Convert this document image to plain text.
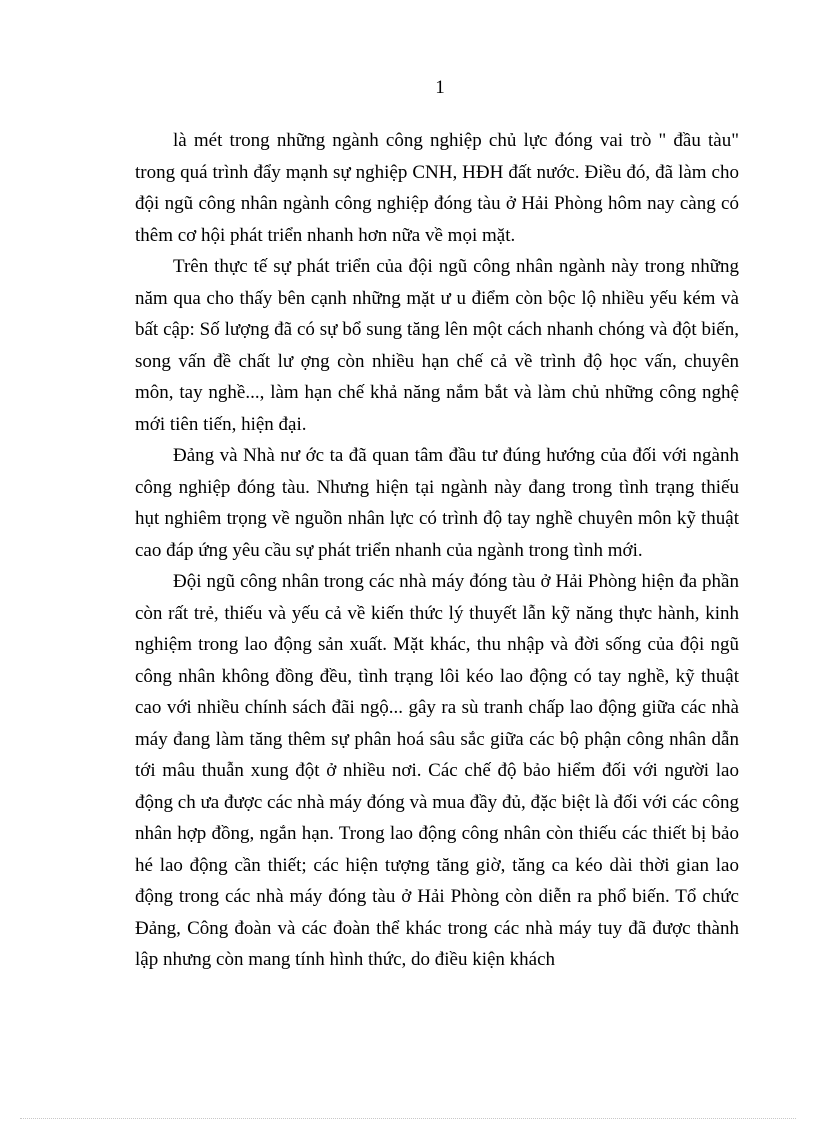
1

là mét trong những ngành công nghiệp chủ lực đóng vai trò " đầu tàu" trong quá trình đẩy mạnh sự nghiệp CNH, HĐH đất nước. Điều đó, đã làm cho đội ngũ công nhân ngành công nghiệp đóng tàu ở Hải Phòng hôm nay càng có thêm cơ hội phát triển nhanh hơn nữa về mọi mặt.

Trên thực tế sự phát triển của đội ngũ công nhân ngành này trong những năm qua cho thấy bên cạnh những mặt ư u điểm còn bộc lộ nhiều yếu kém và bất cập: Số lượng đã có sự bổ sung tăng lên một cách nhanh chóng và đột biến, song vấn đề chất lư ợng còn nhiều hạn chế cả về trình độ học vấn, chuyên môn, tay nghề..., làm hạn chế khả năng nắm bắt và làm chủ những công nghệ mới tiên tiến, hiện đại.

Đảng và Nhà nư ớc ta đã quan tâm đầu tư đúng hướng của đối với ngành công nghiệp đóng tàu. Nhưng hiện tại ngành này đang trong tình trạng thiếu hụt nghiêm trọng về nguồn nhân lực có trình độ tay nghề chuyên môn kỹ thuật cao đáp ứng yêu cầu sự phát triển nhanh của ngành trong tình mới.

Đội ngũ công nhân trong các nhà máy đóng tàu ở Hải Phòng hiện đa phần còn rất trẻ, thiếu và yếu cả về kiến thức lý thuyết lẫn kỹ năng thực hành, kinh nghiệm trong lao động sản xuất. Mặt khác, thu nhập và đời sống của đội ngũ công nhân không đồng đều, tình trạng lôi kéo lao động có tay nghề, kỹ thuật cao với nhiều chính sách đãi ngộ... gây ra sù tranh chấp lao động giữa các nhà máy đang làm tăng thêm sự phân hoá sâu sắc giữa các bộ phận công nhân dẫn tới mâu thuẫn xung đột ở nhiều nơi. Các chế độ bảo hiểm đối với người lao động ch ưa được các nhà máy đóng và mua đầy đủ, đặc biệt là đối với các công nhân hợp đồng, ngắn hạn. Trong lao động công nhân còn thiếu các thiết bị bảo hé lao động cần thiết; các hiện tượng tăng giờ, tăng ca kéo dài thời gian lao động trong các nhà máy đóng tàu ở Hải Phòng còn diễn ra phổ biến. Tổ chức Đảng, Công đoàn và các đoàn thể khác trong các nhà máy tuy đã được thành lập nhưng còn mang tính hình thức, do điều kiện khách
